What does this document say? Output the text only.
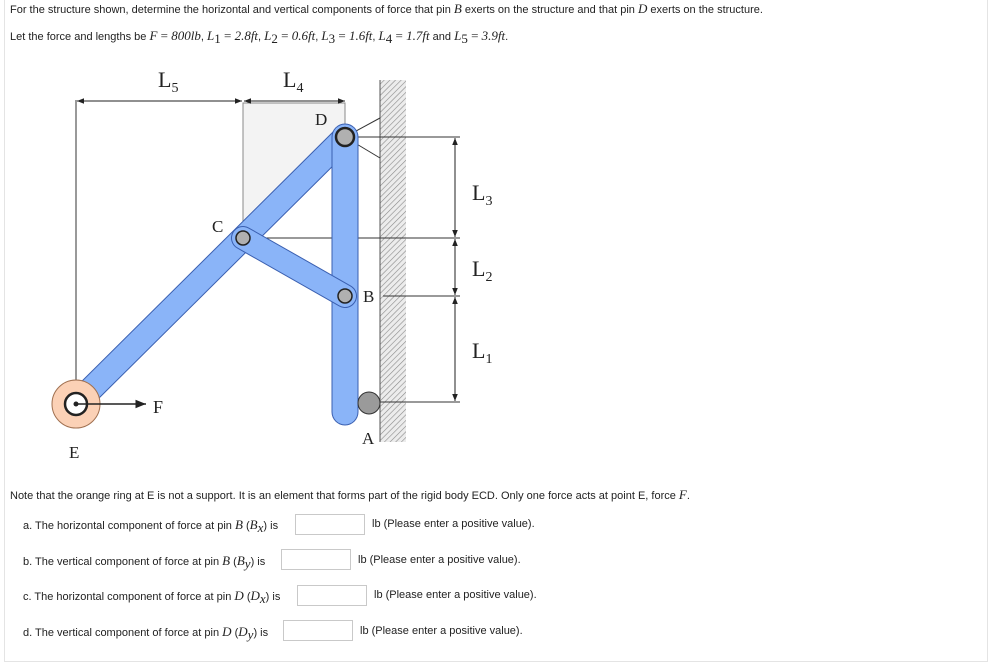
For the structure shown, determine the horizontal and vertical components of force that pin B exerts on the structure and that pin D exerts on the structure.
Let the force and lengths be F = 800lb, $L_1 = 2.8ft$, $L_2 = 0.6ft$, $L_3 = 1.6ft$, $L_4 = 1.7ft$ and $L_5 = 3.9ft$.
$L_5$	$L_4$
$L_3$
$L_2$
$L_1$
D
C
B
A
E
F
Note that the orange ring at E is not a support. It is an element that forms part of the rigid body ECD. Only one force acts at point E, force F.
a. The horizontal component of force at pin B $(B_x)$ is	lb (Please enter a positive value).
b. The vertical component of force at pin B $(B_y)$ is	lb (Please enter a positive value).
c. The horizontal component of force at pin D $(D_x)$ is	lb (Please enter a positive value).
d. The vertical component of force at pin D $(D_y)$ is	lb (Please enter a positive value).
